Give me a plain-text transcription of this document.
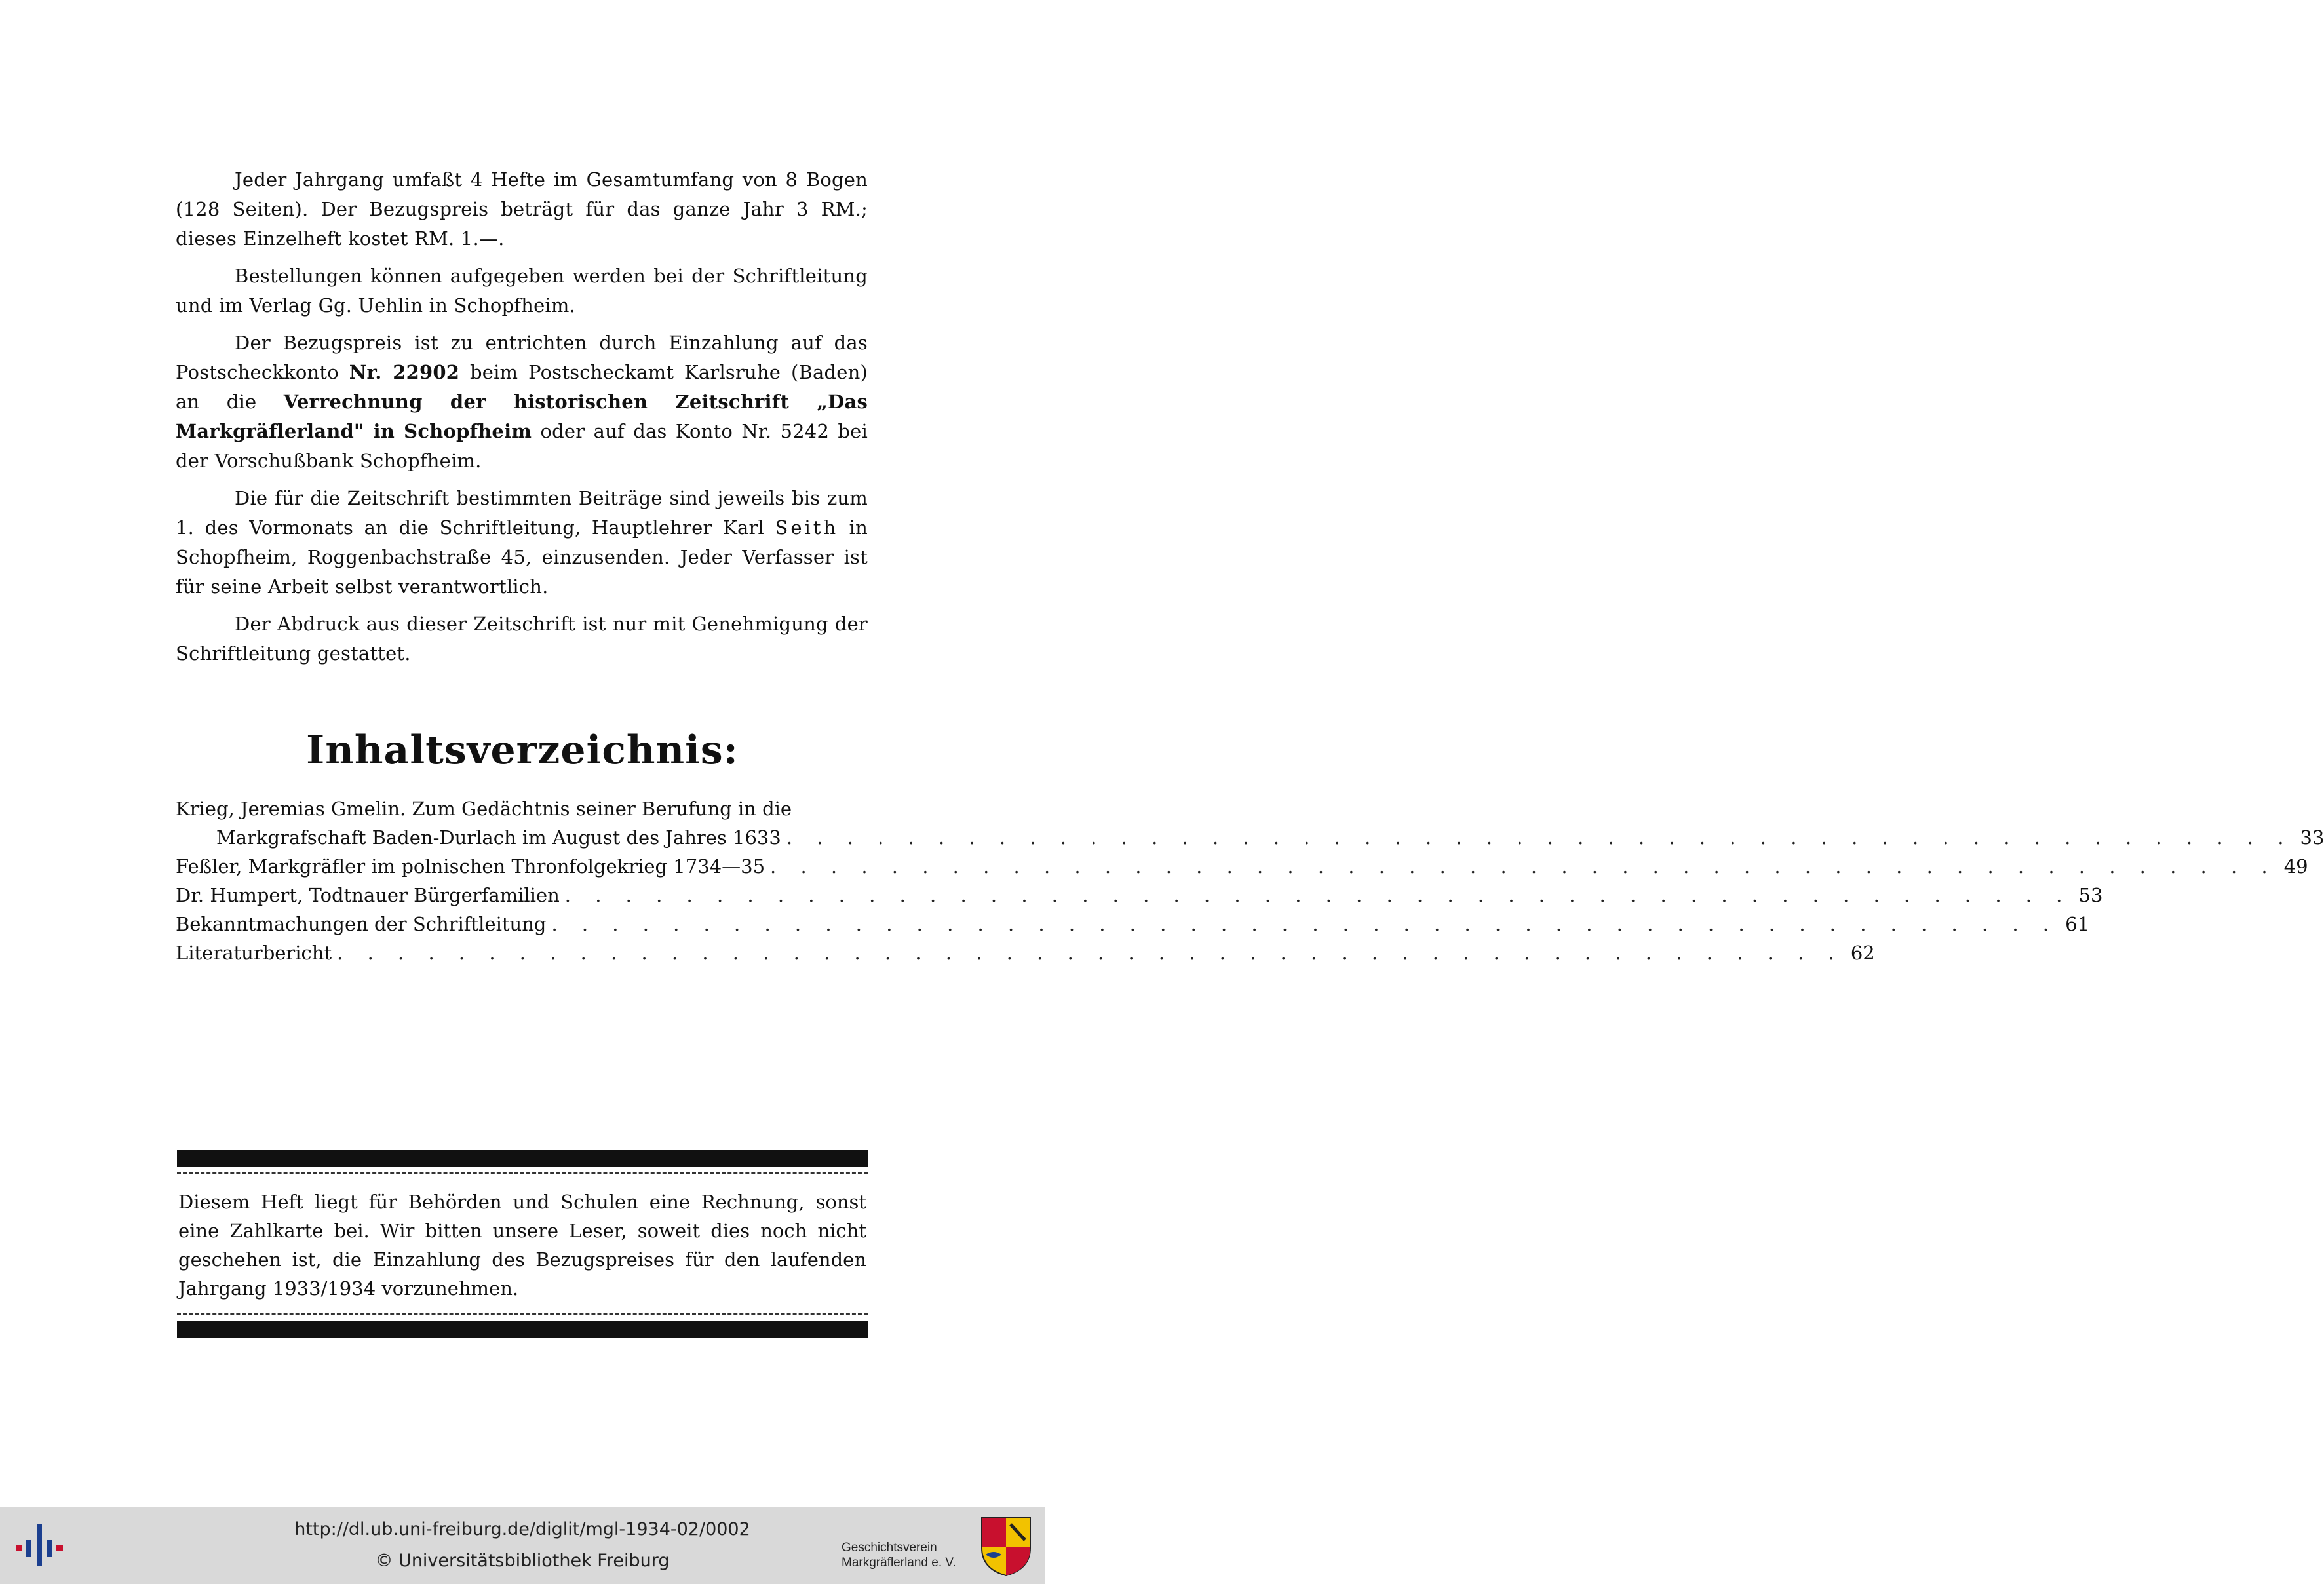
Jeder Jahrgang umfaßt 4 Hefte im Gesamtumfang von 8 Bogen (128 Seiten). Der Bezugspreis beträgt für das ganze Jahr 3 RM.; dieses Einzelheft kostet RM. 1.—.

Bestellungen können aufgegeben werden bei der Schriftleitung und im Verlag Gg. Uehlin in Schopfheim.

Der Bezugspreis ist zu entrichten durch Einzahlung auf das Postscheckkonto Nr. 22902 beim Postscheckamt Karlsruhe (Baden) an die Verrechnung der historischen Zeitschrift „Das Markgräflerland" in Schopfheim oder auf das Konto Nr. 5242 bei der Vorschußbank Schopfheim.

Die für die Zeitschrift bestimmten Beiträge sind jeweils bis zum 1. des Vormonats an die Schriftleitung, Hauptlehrer Karl Seith in Schopfheim, Roggenbachstraße 45, einzusenden. Jeder Verfasser ist für seine Arbeit selbst verantwortlich.

Der Abdruck aus dieser Zeitschrift ist nur mit Genehmigung der Schriftleitung gestattet.

Inhaltsverzeichnis:
Krieg, Jeremias Gmelin. Zum Gedächtnis seiner Berufung in die
Markgrafschaft Baden-Durlach im August des Jahres 1633 . . . . . . . . . . . . . . . . . . . . . . . . . . . . . . . . . . . . . . . . . . . . . . . . . . 33
Feßler, Markgräfler im polnischen Thronfolgekrieg 1734—35 . . . . . . . . . . . . . . . . . . . . . . . . . . . . . . . . . . . . . . . . . . . . . . . . . . 49
Dr. Humpert, Todtnauer Bürgerfamilien . . . . . . . . . . . . . . . . . . . . . . . . . . . . . . . . . . . . . . . . . . . . . . . . . . 53
Bekanntmachungen der Schriftleitung . . . . . . . . . . . . . . . . . . . . . . . . . . . . . . . . . . . . . . . . . . . . . . . . . . 61
Literaturbericht . . . . . . . . . . . . . . . . . . . . . . . . . . . . . . . . . . . . . . . . . . . . . . . . . . 62
Diesem Heft liegt für Behörden und Schulen eine Rechnung, sonst eine Zahlkarte bei. Wir bitten unsere Leser, soweit dies noch nicht geschehen ist, die Einzahlung des Bezugspreises für den laufenden Jahrgang 1933/1934 vorzunehmen.
http://dl.ub.uni-freiburg.de/diglit/mgl-1934-02/0002
© Universitätsbibliothek Freiburg
Geschichtsverein
Markgräflerland e. V.
